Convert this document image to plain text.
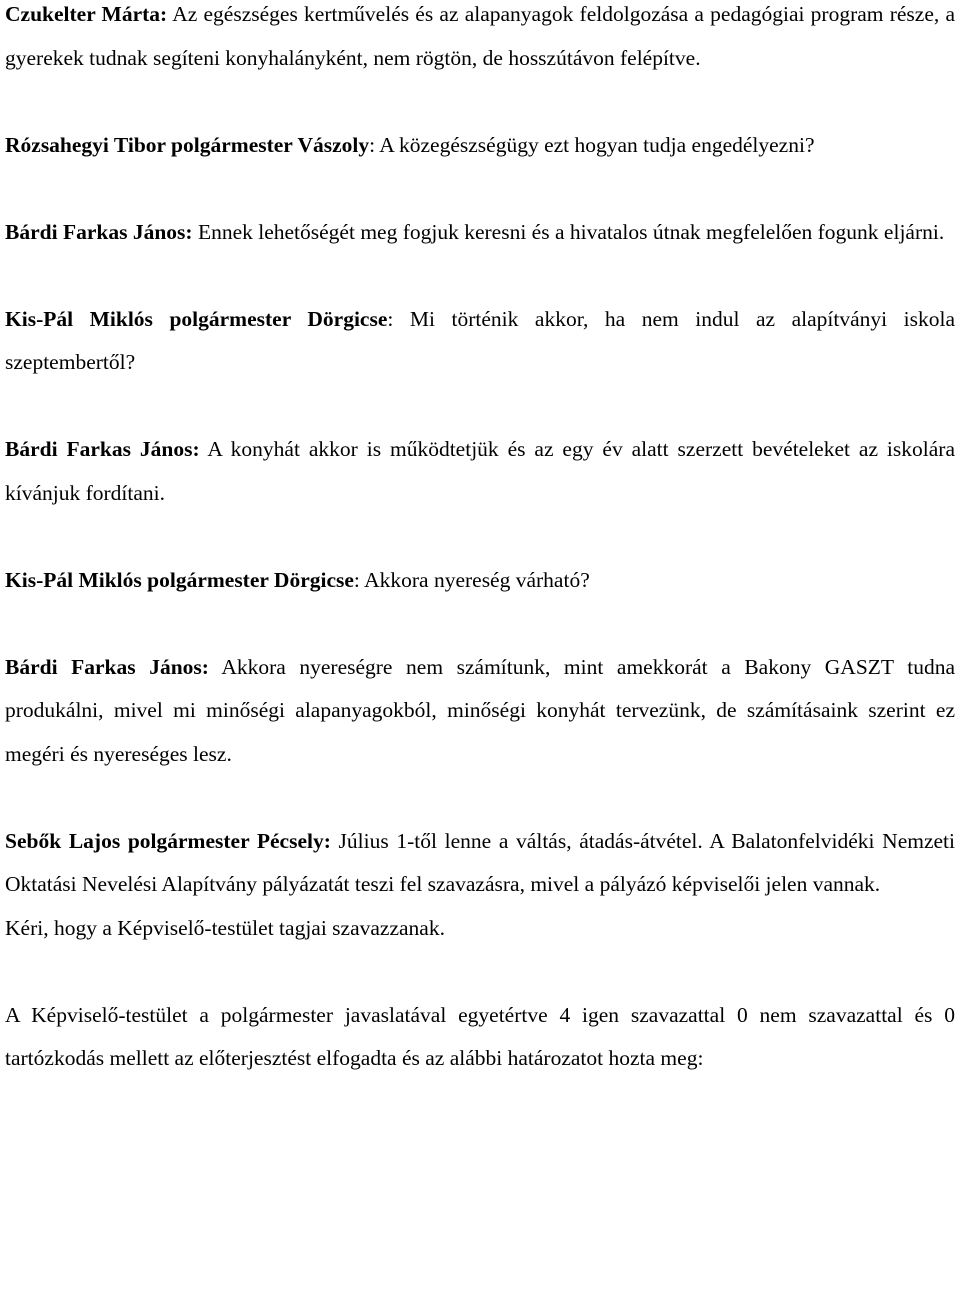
Czukelter Márta: Az egészséges kertművelés és az alapanyagok feldolgozása a pedagógiai program része, a gyerekek tudnak segíteni konyhalányként, nem rögtön, de hosszútávon felépítve.

Rózsahegyi Tibor polgármester Vászoly: A közegészségügy ezt hogyan tudja engedélyezni?

Bárdi Farkas János: Ennek lehetőségét meg fogjuk keresni és a hivatalos útnak megfelelően fogunk eljárni.

Kis-Pál Miklós polgármester Dörgicse: Mi történik akkor, ha nem indul az alapítványi iskola szeptembertől?

Bárdi Farkas János: A konyhát akkor is működtetjük és az egy év alatt szerzett bevételeket az iskolára kívánjuk fordítani.

Kis-Pál Miklós polgármester Dörgicse: Akkora nyereség várható?

Bárdi Farkas János: Akkora nyereségre nem számítunk, mint amekkorát a Bakony GASZT tudna produkálni, mivel mi minőségi alapanyagokból, minőségi konyhát tervezünk, de számításaink szerint ez megéri és nyereséges lesz.

Sebők Lajos polgármester Pécsely: Július 1-től lenne a váltás, átadás-átvétel. A Balatonfelvidéki Nemzeti Oktatási Nevelési Alapítvány pályázatát teszi fel szavazásra, mivel a pályázó képviselői jelen vannak.

Kéri, hogy a Képviselő-testület tagjai szavazzanak.

A Képviselő-testület a polgármester javaslatával egyetértve 4 igen szavazattal 0 nem szavazattal és 0 tartózkodás mellett az előterjesztést elfogadta és az alábbi határozatot hozta meg:
